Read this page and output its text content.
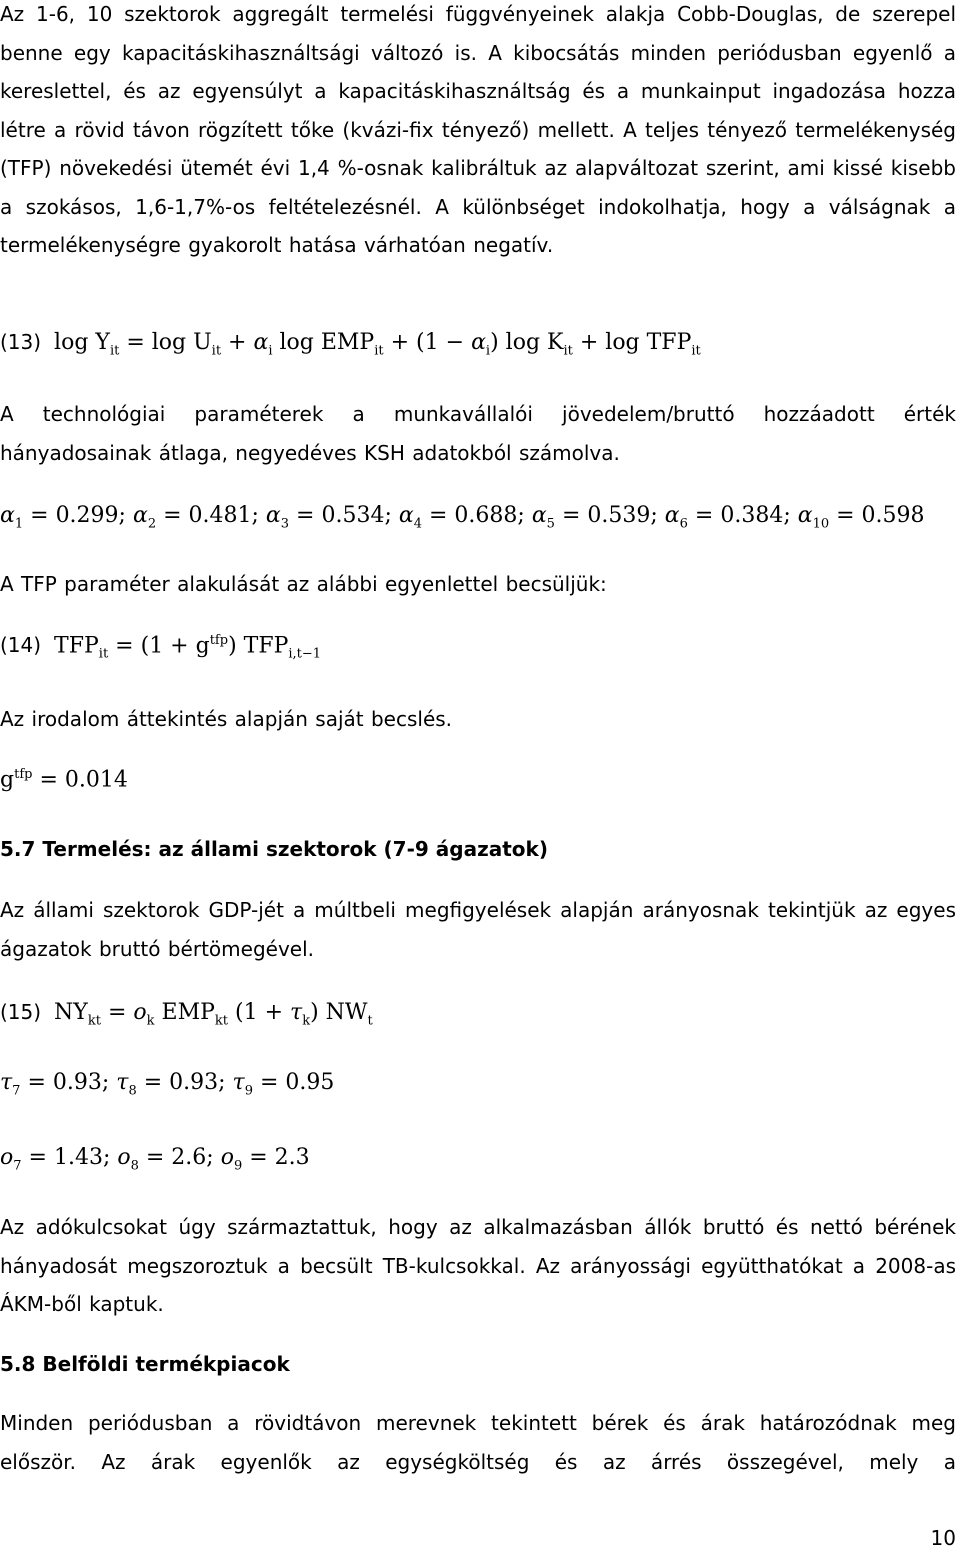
Az 1-6, 10 szektorok aggregált termelési függvényeinek alakja Cobb-Douglas, de szerepel benne egy kapacitáskihasználtsági változó is. A kibocsátás minden periódusban egyenlő a kereslettel, és az egyensúlyt a kapacitáskihasználtság és a munkainput ingadozása hozza létre a rövid távon rögzített tőke (kvázi-fix tényező) mellett. A teljes tényező termelékenység (TFP) növekedési ütemét évi 1,4 %-osnak kalibráltuk az alapváltozat szerint, ami kissé kisebb a szokásos, 1,6-1,7%-os feltételezésnél. A különbséget indokolhatja, hogy a válságnak a termelékenységre gyakorolt hatása várhatóan negatív.

(13) $\log Y_{it} = \log U_{it} + \alpha_i$ $\log EMP_{it} + (1 - \alpha_i)$ $\log K_{it} + \log TFP_{it}$

A technológiai paraméterek a munkavállalói jövedelem/bruttó hozzáadott érték hányadosainak átlaga, negyedéves KSH adatokból számolva.

$\alpha_1 = 0.299$; $\alpha_2 = 0.481$; $\alpha_3 = 0.534$; $\alpha_4 = 0.688$; $\alpha_5 = 0.539$; $\alpha_6 = 0.384$; $\alpha_{10} = 0.598$

A TFP paraméter alakulását az alábbi egyenlettel becsüljük:

(14) $TFP_{it} = (1 + g^{tfp})$ $TFP_{i,t-1}$

Az irodalom áttekintés alapján saját becslés.

$g^{tfp} = 0.014$
5.7 Termelés: az állami szektorok (7-9 ágazatok)

Az állami szektorok GDP-jét a múltbeli megfigyelések alapján arányosnak tekintjük az egyes ágazatok bruttó bértömegével.

(15) $NY_{kt} = o_k$ $EMP_{kt}$ $(1 + \tau_k)$ $NW_t$
$\tau_7 = 0.93$; $\tau_8 = 0.93$; $\tau_9 = 0.95$
$o_7 = 1.43$; $o_8 = 2.6$; $o_9 = 2.3$

Az adókulcsokat úgy származtattuk, hogy az alkalmazásban állók bruttó és nettó bérének hányadosát megszoroztuk a becsült TB-kulcsokkal. Az arányossági együtthatókat a 2008-as ÁKM-ből kaptuk.

5.8 Belföldi termékpiacok

Minden periódusban a rövidtávon merevnek tekintett bérek és árak határozódnak meg először. Az árak egyenlők az egységköltség és az árrés összegével, mely a

10
